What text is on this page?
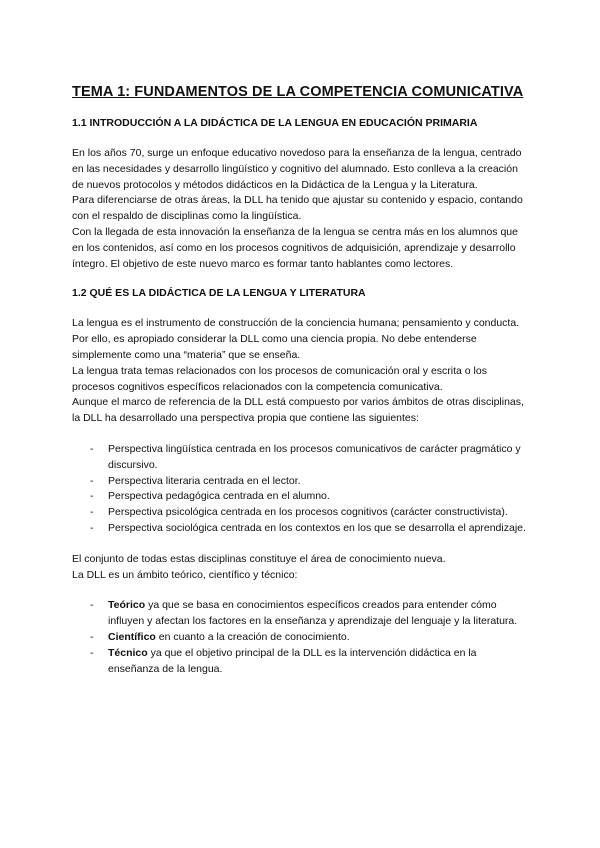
TEMA 1: FUNDAMENTOS DE LA COMPETENCIA COMUNICATIVA
1.1 INTRODUCCIÓN A LA DIDÁCTICA DE LA LENGUA EN EDUCACIÓN PRIMARIA

En los años 70, surge un enfoque educativo novedoso para la enseñanza de la lengua, centrado en las necesidades y desarrollo lingüístico y cognitivo del alumnado. Esto conlleva a la creación de nuevos protocolos y métodos didácticos en la Didáctica de la Lengua y la Literatura.

Para diferenciarse de otras áreas, la DLL ha tenido que ajustar su contenido y espacio, contando con el respaldo de disciplinas como la lingüística.

Con la llegada de esta innovación la enseñanza de la lengua se centra más en los alumnos que en los contenidos, así como en los procesos cognitivos de adquisición, aprendizaje y desarrollo íntegro. El objetivo de este nuevo marco es formar tanto hablantes como lectores.

1.2 QUÉ ES LA DIDÁCTICA DE LA LENGUA Y LITERATURA

La lengua es el instrumento de construcción de la conciencia humana; pensamiento y conducta. Por ello, es apropiado considerar la DLL como una ciencia propia. No debe entenderse simplemente como una “materia” que se enseña.

La lengua trata temas relacionados con los procesos de comunicación oral y escrita o los procesos cognitivos específicos relacionados con la competencia comunicativa.

Aunque el marco de referencia de la DLL está compuesto por varios ámbitos de otras disciplinas, la DLL ha desarrollado una perspectiva propia que contiene las siguientes:

- Perspectiva lingüística centrada en los procesos comunicativos de carácter pragmático y discursivo.
- Perspectiva literaria centrada en el lector.
- Perspectiva pedagógica centrada en el alumno.
- Perspectiva psicológica centrada en los procesos cognitivos (carácter constructivista).
- Perspectiva sociológica centrada en los contextos en los que se desarrolla el aprendizaje.

El conjunto de todas estas disciplinas constituye el área de conocimiento nueva.

La DLL es un ámbito teórico, científico y técnico:

- Teórico ya que se basa en conocimientos específicos creados para entender cómo influyen y afectan los factores en la enseñanza y aprendizaje del lenguaje y la literatura.
- Científico en cuanto a la creación de conocimiento.
- Técnico ya que el objetivo principal de la DLL es la intervención didáctica en la enseñanza de la lengua.
